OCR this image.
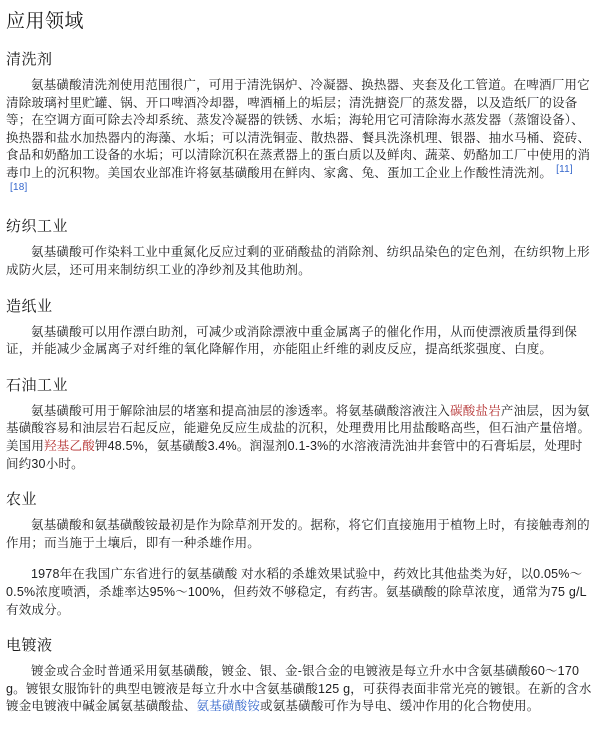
应用领域
清洗剂

氨基磺酸清洗剂使用范围很广，可用于清洗锅炉、冷凝器、换热器、夹套及化工管道。在啤酒厂用它清除玻璃衬里贮罐、锅、开口啤酒冷却器，啤酒桶上的垢层；清洗搪瓷厂的蒸发器，以及造纸厂的设备等；在空调方面可除去冷却系统、蒸发冷凝器的铁锈、水垢；海轮用它可清除海水蒸发器（蒸馏设备）、换热器和盐水加热器内的海藻、水垢；可以清洗铜壶、散热器、餐具洗涤机理、银器、抽水马桶、瓷砖、食品和奶酪加工设备的水垢；可以清除沉积在蒸煮器上的蛋白质以及鲜肉、蔬菜、奶酪加工厂中使用的消毒巾上的沉积物。美国农业部准许将氨基磺酸用在鲜肉、家禽、兔、蛋加工企业上作酸性清洗剂。 [11][18]

纺织工业

氨基磺酸可作染料工业中重氮化反应过剩的亚硝酸盐的消除剂、纺织品染色的定色剂，在纺织物上形成防火层，还可用来制纺织工业的净纱剂及其他助剂。

造纸业

氨基磺酸可以用作漂白助剂，可减少或消除漂液中重金属离子的催化作用，从而使漂液质量得到保证，并能减少金属离子对纤维的氧化降解作用，亦能阻止纤维的剥皮反应，提高纸浆强度、白度。

石油工业

氨基磺酸可用于解除油层的堵塞和提高油层的渗透率。将氨基磺酸溶液注入碳酸盐岩产油层，因为氨基磺酸容易和油层岩石起反应，能避免反应生成盐的沉积，处理费用比用盐酸略高些，但石油产量倍增。美国用羟基乙酸钾48.5%，氨基磺酸3.4%。润湿剂0.1-3%的水溶液清洗油井套管中的石膏垢层，处理时间约30小时。

农业

氨基磺酸和氨基磺酸铵最初是作为除草剂开发的。据称，将它们直接施用于植物上时，有接触毒剂的作用；而当施于土壤后，即有一种杀雄作用。

1978年在我国广东省进行的氨基磺酸 对水稻的杀雄效果试验中，药效比其他盐类为好，以0.05%～0.5%浓度喷洒，杀雄率达95%～100%，但药效不够稳定，有药害。氨基磺酸的除草浓度，通常为75 g/L有效成分。

电镀液

镀金或合金时普通采用氨基磺酸，镀金、银、金-银合金的电镀液是每立升水中含氨基磺酸60～170 g。镀银女服饰针的典型电镀液是每立升水中含氨基磺酸125 g，可获得表面非常光亮的镀银。在新的含水镀金电镀液中碱金属氨基磺酸盐、氨基磺酸铵或氨基磺酸可作为导电、缓冲作用的化合物使用。
